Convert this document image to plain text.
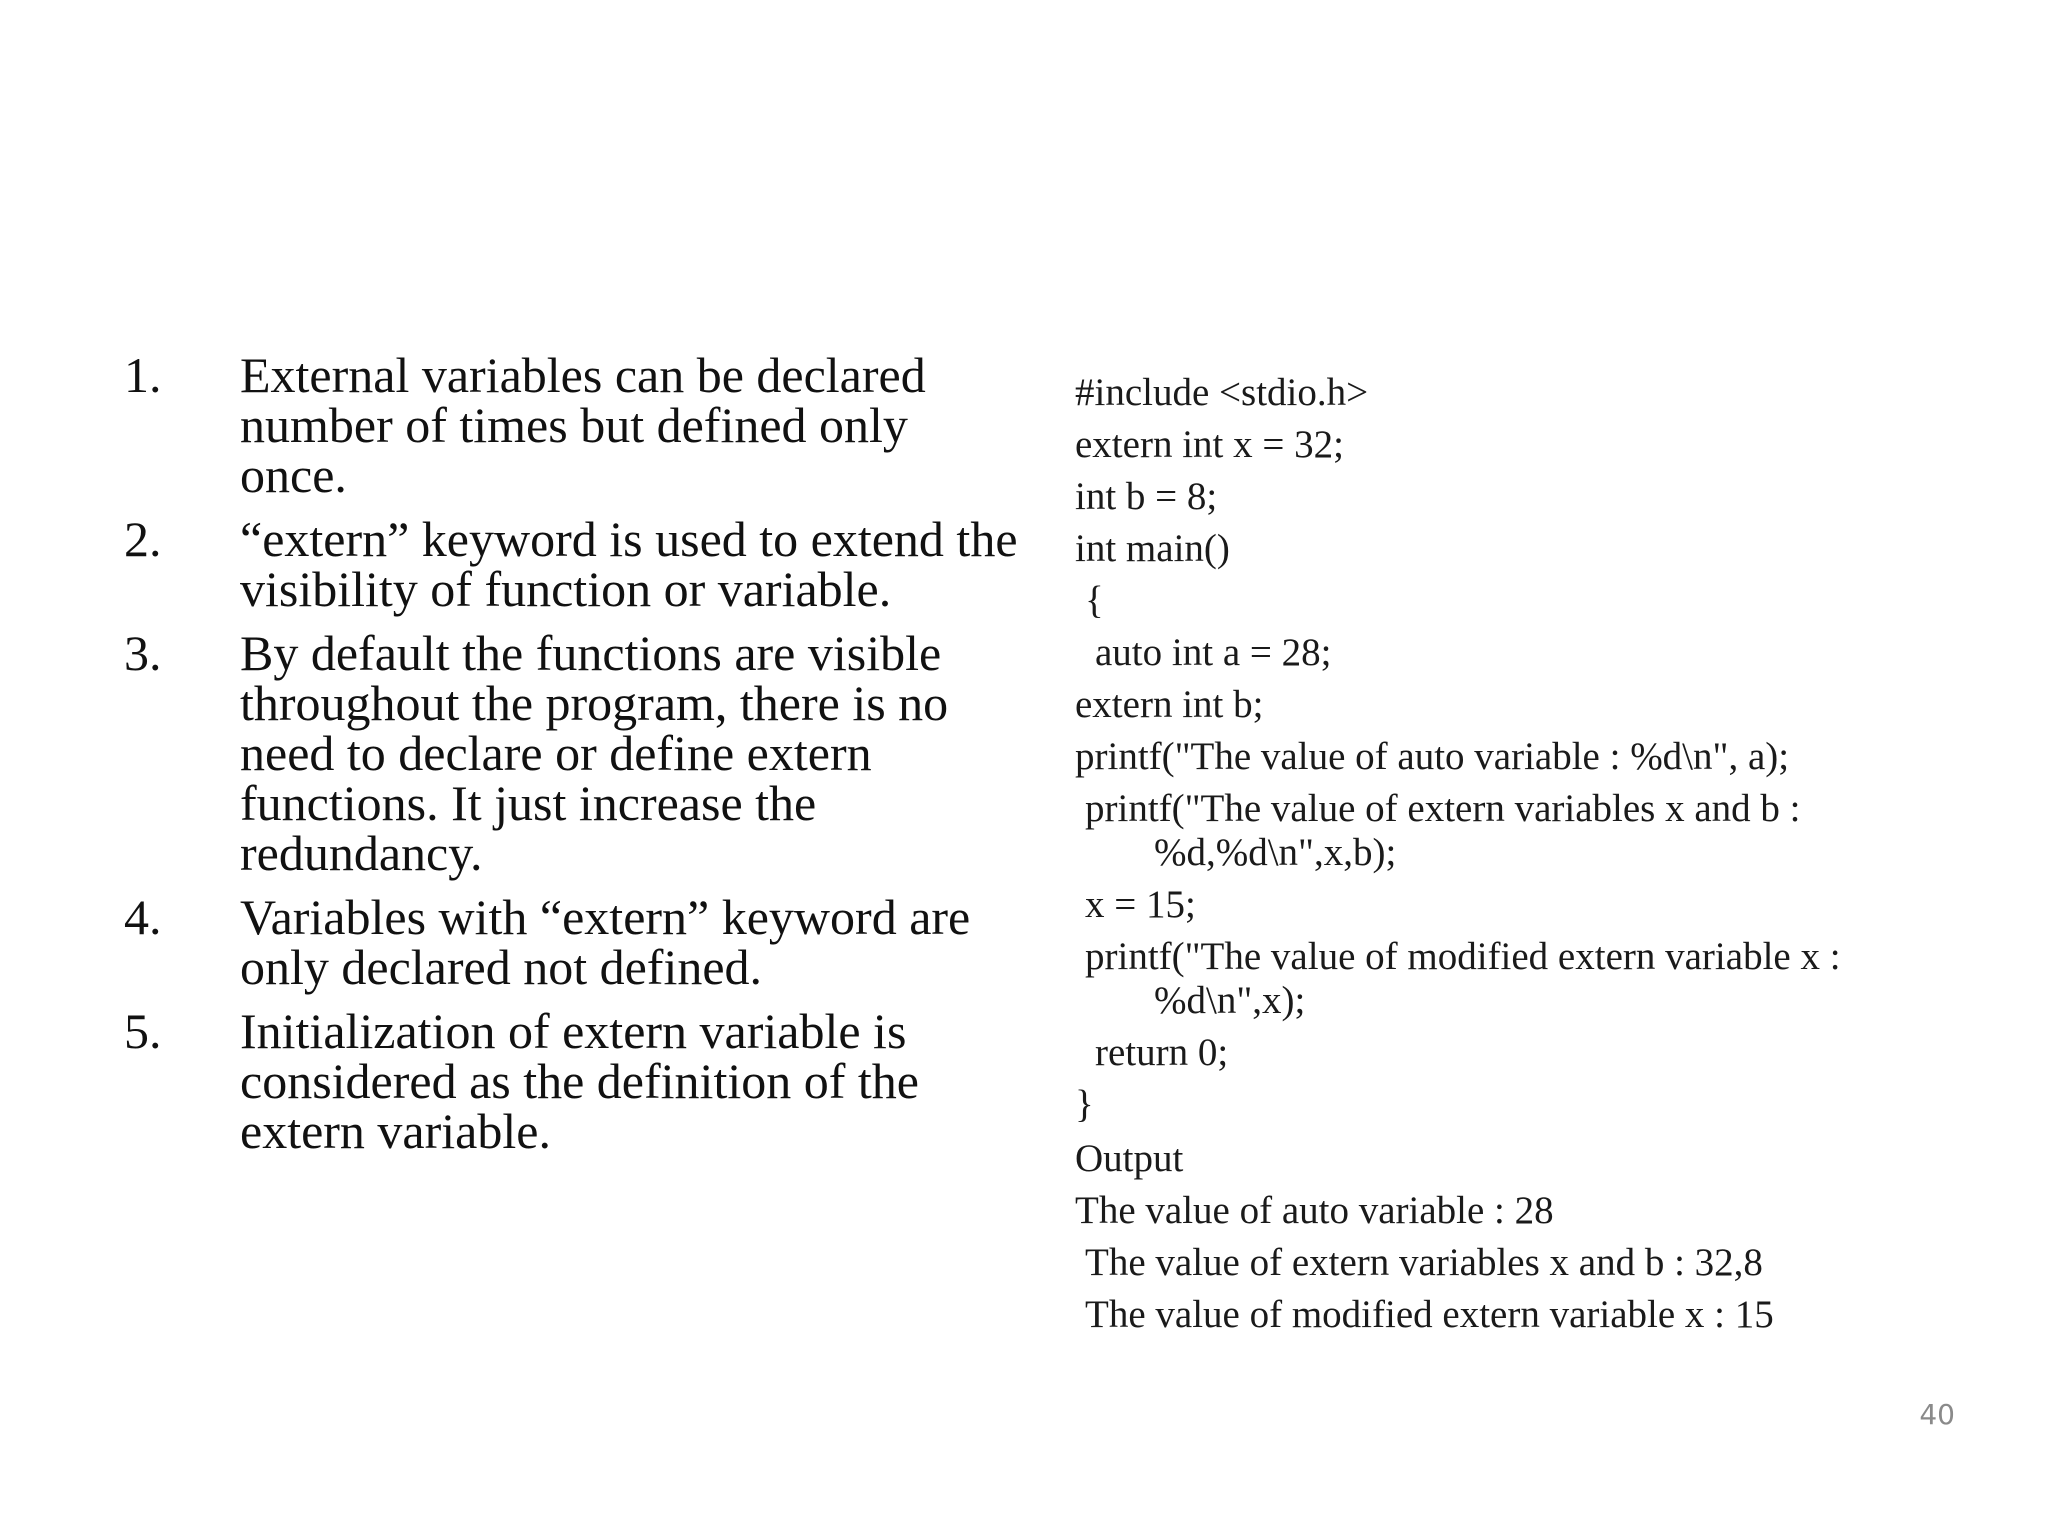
1.	External variables can be declared number of times but defined only once.
2.	“extern” keyword is used to extend the visibility of function or variable.
3.	By default the functions are visible throughout the program, there is no need to declare or define extern functions. It just increase the redundancy.
4.	Variables with “extern” keyword are only declared not defined.
5.	Initialization of extern variable is considered as the definition of the extern variable.
#include <stdio.h>
extern int x = 32;
int b = 8;
int main()
{
auto int a = 28;
extern int b;
printf("The value of auto variable : %d\n", a);
printf("The value of extern variables x and b :
%d,%d\n",x,b);
x = 15;
printf("The value of modified extern variable x :
%d\n",x);
return 0;
}
Output
The value of auto variable : 28
The value of extern variables x and b : 32,8
The value of modified extern variable x : 15
40
